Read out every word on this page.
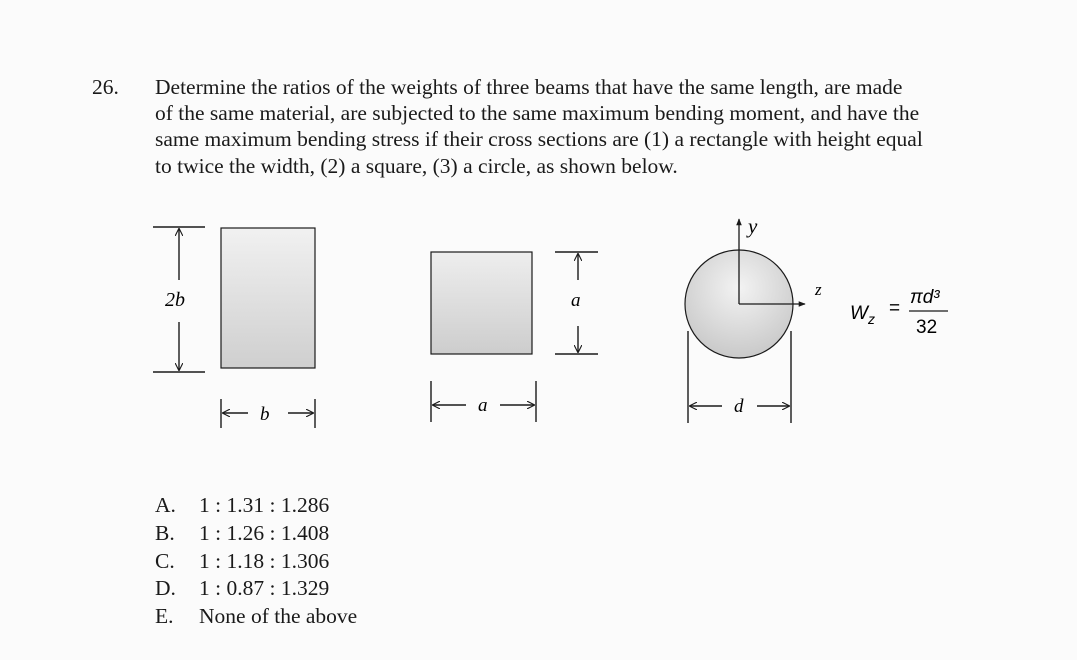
26. Determine the ratios of the weights of three beams that have the same length, are made

of the same material, are subjected to the same maximum bending moment, and have the

same maximum bending stress if their cross sections are (1) a rectangle with height equal

to twice the width, (2) a square, (3) a circle, as shown below.

2b
b
a
a
y
z
d
$W_z$ =
πd³
32
A.	1 : 1.31 : 1.286
B.	1 : 1.26 : 1.408
C.	1 : 1.18 : 1.306
D.	1 : 0.87 : 1.329
E.	None of the above
